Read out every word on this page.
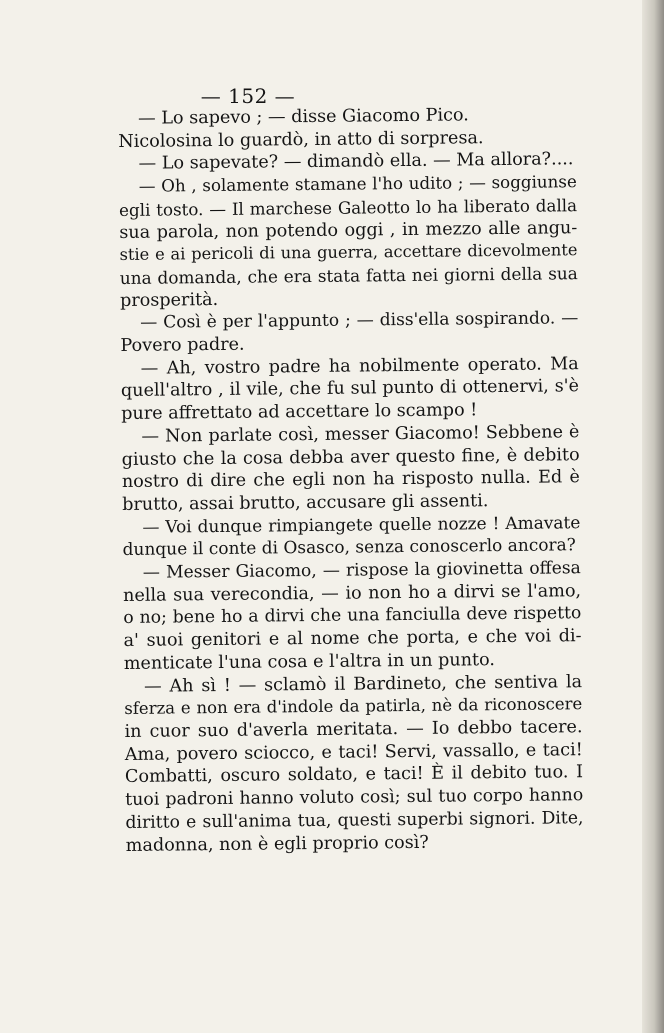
— 152 —
— Lo sapevo ; — disse Giacomo Pico.
Nicolosina lo guardò, in atto di sorpresa.
— Lo sapevate? — dimandò ella. — Ma allora?....
— Oh , solamente stamane l'ho udito ; — soggiunse
egli tosto. — Il marchese Galeotto lo ha liberato dalla
sua parola, non potendo oggi , in mezzo alle angu-
stie e ai pericoli di una guerra, accettare dicevolmente
una domanda, che era stata fatta nei giorni della sua
prosperità.
— Così è per l'appunto ; — diss'ella sospirando. —
Povero padre.
— Ah, vostro padre ha nobilmente operato. Ma
quell'altro , il vile, che fu sul punto di ottenervi, s'è
pure affrettato ad accettare lo scampo !
— Non parlate così, messer Giacomo! Sebbene è
giusto che la cosa debba aver questo fine, è debito
nostro di dire che egli non ha risposto nulla. Ed è
brutto, assai brutto, accusare gli assenti.
— Voi dunque rimpiangete quelle nozze ! Amavate
dunque il conte di Osasco, senza conoscerlo ancora?
— Messer Giacomo, — rispose la giovinetta offesa
nella sua verecondia, — io non ho a dirvi se l'amo,
o no; bene ho a dirvi che una fanciulla deve rispetto
a' suoi genitori e al nome che porta, e che voi di-
menticate l'una cosa e l'altra in un punto.
— Ah sì ! — sclamò il Bardineto, che sentiva la
sferza e non era d'indole da patirla, nè da riconoscere
in cuor suo d'averla meritata. — Io debbo tacere.
Ama, povero sciocco, e taci! Servi, vassallo, e taci!
Combatti, oscuro soldato, e taci! È il debito tuo. I
tuoi padroni hanno voluto così; sul tuo corpo hanno
diritto e sull'anima tua, questi superbi signori. Dite,
madonna, non è egli proprio così?
